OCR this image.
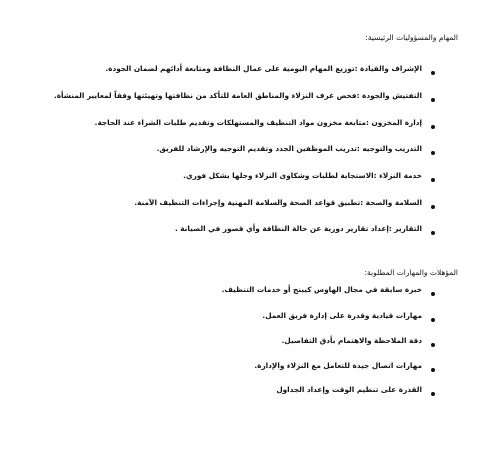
المهام والمسؤوليات الرئيسية:
الإشراف والقيادة :توزيع المهام اليومية على عمال النظافة ومتابعة أدائهم لضمان الجودة.
التفتيش والجودة :فحص غرف النزلاء والمناطق العامة للتأكد من نظافتها وتهيئتها وفقاً لمعايير المنشأة.
إدارة المخزون :متابعة مخزون مواد التنظيف والمستهلكات وتقديم طلبات الشراء عند الحاجة.
التدريب والتوجيه :تدريب الموظفين الجدد وتقديم التوجيه والإرشاد للفريق.
خدمة النزلاء :الاستجابة لطلبات وشكاوى النزلاء وحلها بشكل فوري.
السلامة والصحة :تطبيق قواعد الصحة والسلامة المهنية وإجراءات التنظيف الآمنة.
التقارير :إعداد تقارير دورية عن حالة النظافة وأي قصور في الصيانة .
المؤهلات والمهارات المطلوبة:
خبرة سابقة في مجال الهاوس كيبنج أو خدمات التنظيف.
مهارات قيادية وقدرة على إدارة فريق العمل.
دقة الملاحظة والاهتمام بأدق التفاصيل.
مهارات اتصال جيدة للتعامل مع النزلاء والإدارة.
القدرة على تنظيم الوقت وإعداد الجداول
